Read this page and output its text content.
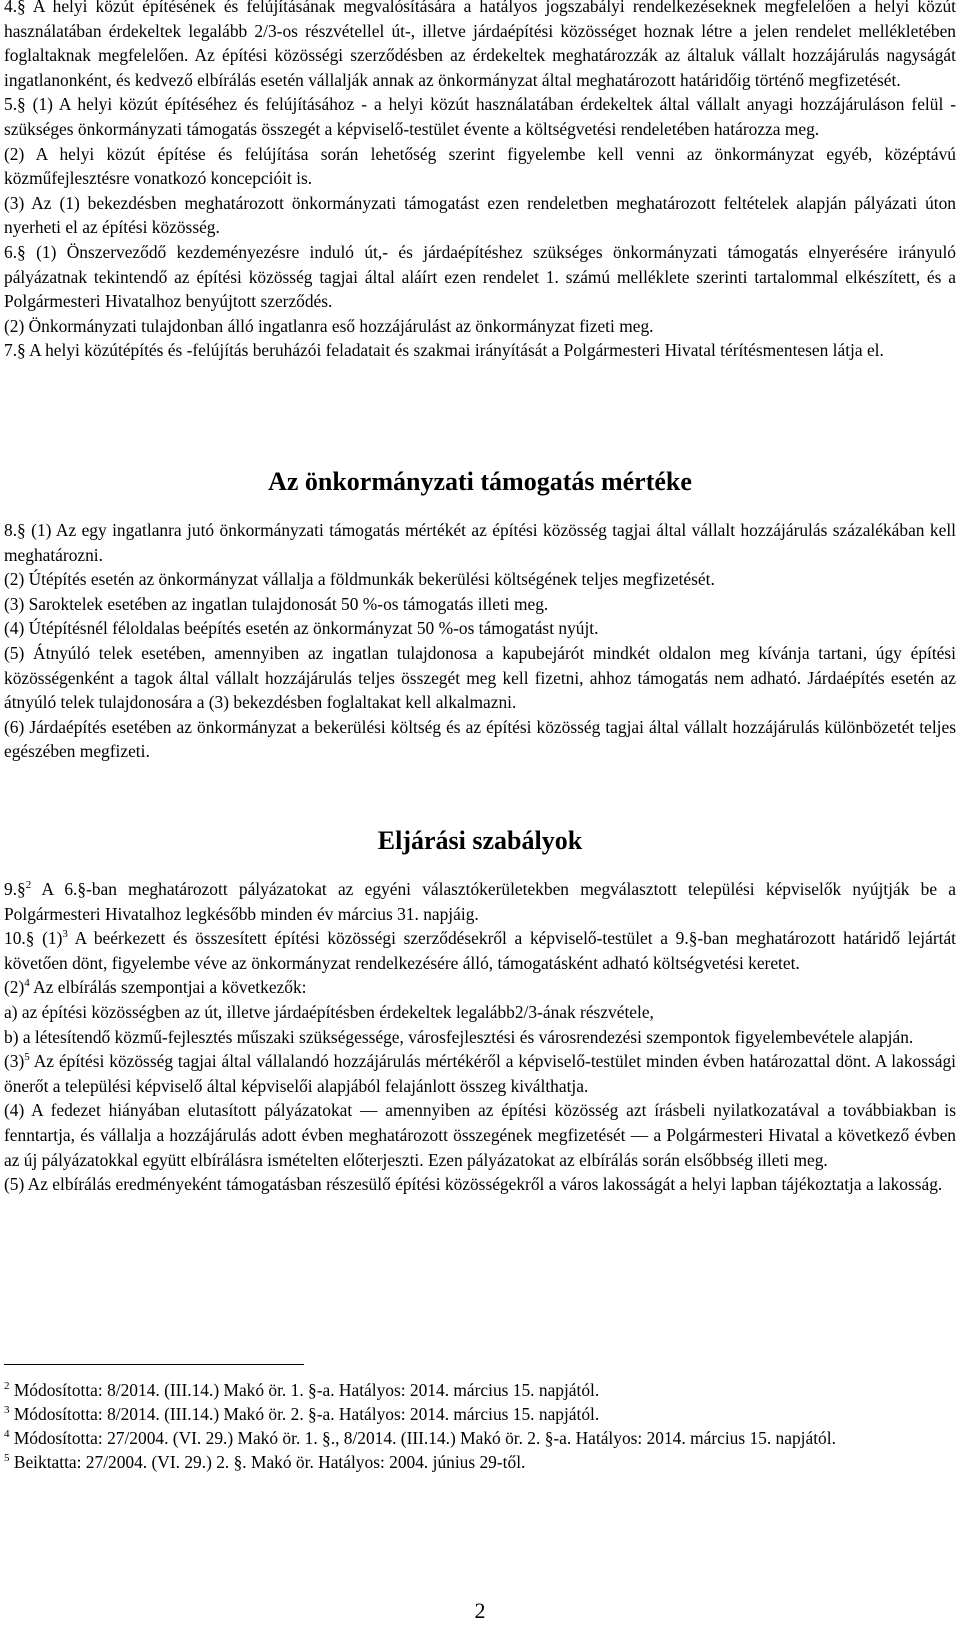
4.§ A helyi közút építésének és felújításának megvalósítására a hatályos jogszabályi rendelkezéseknek megfelelően a helyi közút használatában érdekeltek legalább 2/3-os részvétellel út-, illetve járdaépítési közösséget hoznak létre a jelen rendelet mellékletében foglaltaknak megfelelően. Az építési közösségi szerződésben az érdekeltek meghatározzák az általuk vállalt hozzájárulás nagyságát ingatlanonként, és kedvező elbírálás esetén vállalják annak az önkormányzat által meghatározott határidőig történő megfizetését.

5.§ (1) A helyi közút építéséhez és felújításához - a helyi közút használatában érdekeltek által vállalt anyagi hozzájáruláson felül - szükséges önkormányzati támogatás összegét a képviselő-testület évente a költségvetési rendeletében határozza meg.

(2) A helyi közút építése és felújítása során lehetőség szerint figyelembe kell venni az önkormányzat egyéb, középtávú közműfejlesztésre vonatkozó koncepcióit is.

(3) Az (1) bekezdésben meghatározott önkormányzati támogatást ezen rendeletben meghatározott feltételek alapján pályázati úton nyerheti el az építési közösség.

6.§ (1) Önszerveződő kezdeményezésre induló út,- és járdaépítéshez szükséges önkormányzati támogatás elnyerésére irányuló pályázatnak tekintendő az építési közösség tagjai által aláírt ezen rendelet 1. számú melléklete szerinti tartalommal elkészített, és a Polgármesteri Hivatalhoz benyújtott szerződés.

(2) Önkormányzati tulajdonban álló ingatlanra eső hozzájárulást az önkormányzat fizeti meg.

7.§ A helyi közútépítés és -felújítás beruházói feladatait és szakmai irányítását a Polgármesteri Hivatal térítésmentesen látja el.

Az önkormányzati támogatás mértéke

8.§ (1) Az egy ingatlanra jutó önkormányzati támogatás mértékét az építési közösség tagjai által vállalt hozzájárulás százalékában kell meghatározni.

(2) Útépítés esetén az önkormányzat vállalja a földmunkák bekerülési költségének teljes megfizetését.

(3) Saroktelek esetében az ingatlan tulajdonosát 50 %-os támogatás illeti meg.

(4) Útépítésnél féloldalas beépítés esetén az önkormányzat 50 %-os támogatást nyújt.

(5) Átnyúló telek esetében, amennyiben az ingatlan tulajdonosa a kapubejárót mindkét oldalon meg kívánja tartani, úgy építési közösségenként a tagok által vállalt hozzájárulás teljes összegét meg kell fizetni, ahhoz támogatás nem adható. Járdaépítés esetén az átnyúló telek tulajdonosára a (3) bekezdésben foglaltakat kell alkalmazni.

(6) Járdaépítés esetében az önkormányzat a bekerülési költség és az építési közösség tagjai által vállalt hozzájárulás különbözetét teljes egészében megfizeti.

Eljárási szabályok

9.§$^2$ A 6.§-ban meghatározott pályázatokat az egyéni választókerületekben megválasztott települési képviselők nyújtják be a Polgármesteri Hivatalhoz legkésőbb minden év március 31. napjáig.

10.§ $(1)^3$ A beérkezett és összesített építési közösségi szerződésekről a képviselő-testület a 9.§-ban meghatározott határidő lejártát követően dönt, figyelembe véve az önkormányzat rendelkezésére álló, támogatásként adható költségvetési keretet.

$(2)^4$ Az elbírálás szempontjai a következők:

a) az építési közösségben az út, illetve járdaépítésben érdekeltek legalább2/3-ának részvétele,

b) a létesítendő közmű-fejlesztés műszaki szükségessége, városfejlesztési és városrendezési szempontok figyelembevétele alapján.

$(3)^5$ Az építési közösség tagjai által vállalandó hozzájárulás mértékéről a képviselő-testület minden évben határozattal dönt. A lakossági önerőt a települési képviselő által képviselői alapjából felajánlott összeg kiválthatja.

(4) A fedezet hiányában elutasított pályázatokat — amennyiben az építési közösség azt írásbeli nyilatkozatával a továbbiakban is fenntartja, és vállalja a hozzájárulás adott évben meghatározott összegének megfizetését — a Polgármesteri Hivatal a következő évben az új pályázatokkal együtt elbírálásra ismételten előterjeszti. Ezen pályázatokat az elbírálás során elsőbbség illeti meg.

(5) Az elbírálás eredményeként támogatásban részesülő építési közösségekről a város lakosságát a helyi lapban tájékoztatja a lakosság.

$^2$ Módosította: 8/2014. (III.14.) Makó ör. 1. §-a. Hatályos: 2014. március 15. napjától.

$^3$ Módosította: 8/2014. (III.14.) Makó ör. 2. §-a. Hatályos: 2014. március 15. napjától.

$^4$ Módosította: 27/2004. (VI. 29.) Makó ör. 1. §., 8/2014. (III.14.) Makó ör. 2. §-a. Hatályos: 2014. március 15. napjától.

$^5$ Beiktatta: 27/2004. (VI. 29.) 2. §. Makó ör. Hatályos: 2004. június 29-től.

2
